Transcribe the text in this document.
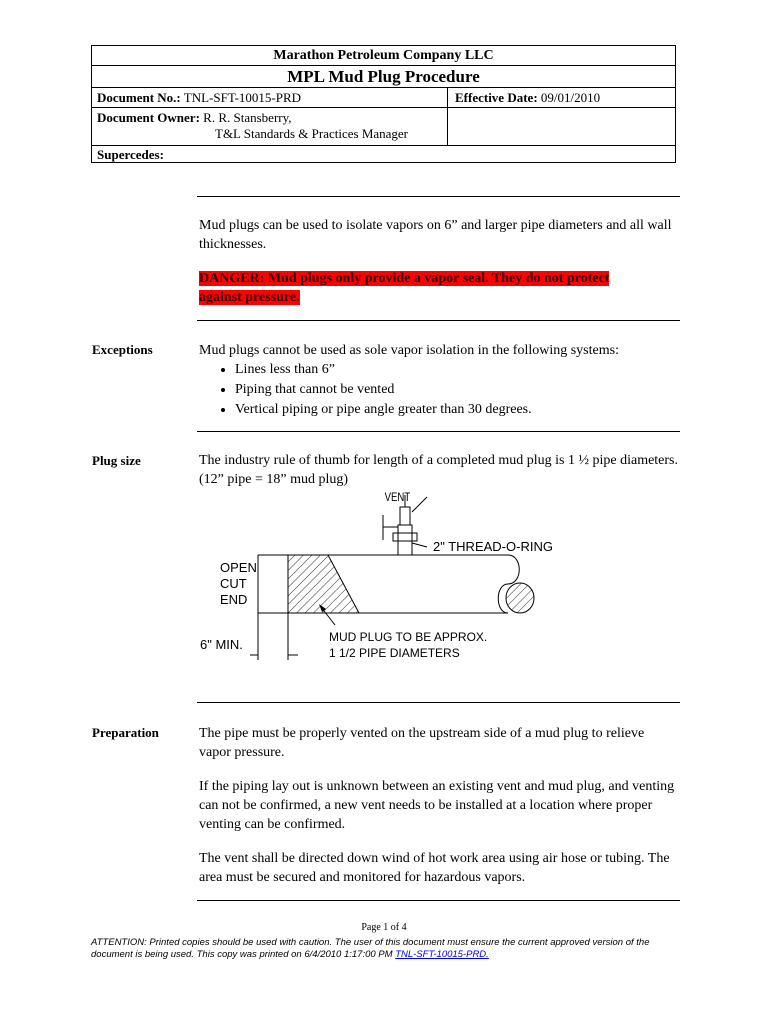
Marathon Petroleum Company LLC
MPL Mud Plug Procedure
Document No.: TNL-SFT-10015-PRD	Effective Date: 09/01/2010
Document Owner: R. R. Stansberry,
T&L Standards & Practices Manager
Supercedes:
Mud plugs can be used to isolate vapors on 6” and larger pipe diameters and all wall thicknesses.
DANGER: Mud plugs only provide a vapor seal. They do not protect against pressure.
Exceptions	Mud plugs cannot be used as sole vapor isolation in the following systems:
• Lines less than 6”
• Piping that cannot be vented
• Vertical piping or pipe angle greater than 30 degrees.
Plug size	The industry rule of thumb for length of a completed mud plug is 1 ½ pipe diameters. (12” pipe = 18” mud plug)
VENT
2" THREAD-O-RING
OPEN
CUT
END
6" MIN.	MUD PLUG TO BE APPROX.
1 1/2 PIPE DIAMETERS
Preparation	The pipe must be properly vented on the upstream side of a mud plug to relieve vapor pressure.
If the piping lay out is unknown between an existing vent and mud plug, and venting can not be confirmed, a new vent needs to be installed at a location where proper venting can be confirmed.
The vent shall be directed down wind of hot work area using air hose or tubing. The area must be secured and monitored for hazardous vapors.
Page 1 of 4
ATTENTION: Printed copies should be used with caution. The user of this document must ensure the current approved version of the document is being used. This copy was printed on 6/4/2010 1:17:00 PM TNL-SFT-10015-PRD.
